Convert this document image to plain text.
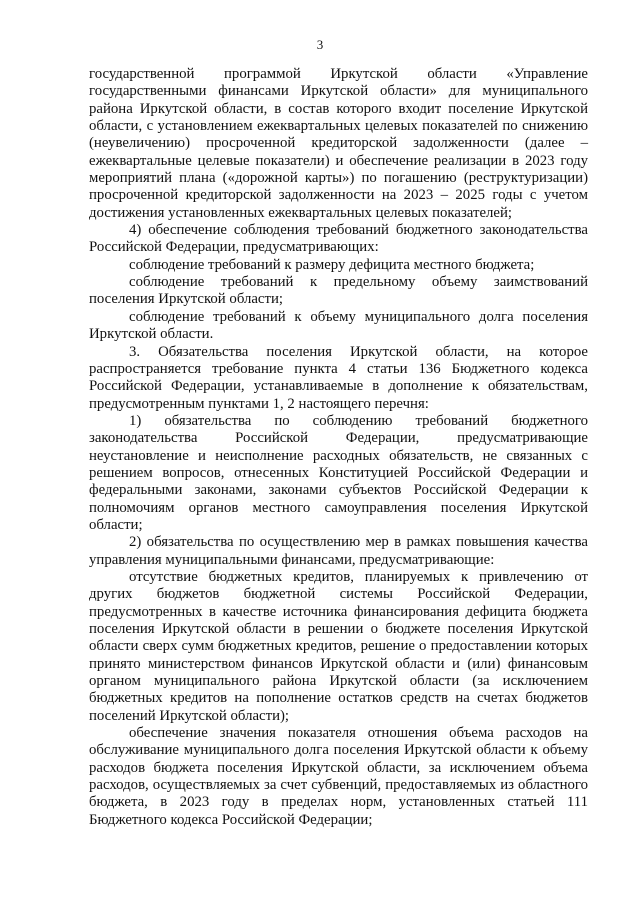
3

государственной программой Иркутской области «Управление государственными финансами Иркутской области» для муниципального района Иркутской области, в состав которого входит поселение Иркутской области, с установлением ежеквартальных целевых показателей по снижению (неувеличению) просроченной кредиторской задолженности (далее – ежеквартальные целевые показатели) и обеспечение реализации в 2023 году мероприятий плана («дорожной карты») по погашению (реструктуризации) просроченной кредиторской задолженности на 2023 – 2025 годы с учетом достижения установленных ежеквартальных целевых показателей;

4) обеспечение соблюдения требований бюджетного законодательства Российской Федерации, предусматривающих:

соблюдение требований к размеру дефицита местного бюджета;

соблюдение требований к предельному объему заимствований поселения Иркутской области;

соблюдение требований к объему муниципального долга поселения Иркутской области.

3. Обязательства поселения Иркутской области, на которое распространяется требование пункта 4 статьи 136 Бюджетного кодекса Российской Федерации, устанавливаемые в дополнение к обязательствам, предусмотренным пунктами 1, 2 настоящего перечня:

1) обязательства по соблюдению требований бюджетного законодательства Российской Федерации, предусматривающие неустановление и неисполнение расходных обязательств, не связанных с решением вопросов, отнесенных Конституцией Российской Федерации и федеральными законами, законами субъектов Российской Федерации к полномочиям органов местного самоуправления поселения Иркутской области;

2) обязательства по осуществлению мер в рамках повышения качества управления муниципальными финансами, предусматривающие:

отсутствие бюджетных кредитов, планируемых к привлечению от других бюджетов бюджетной системы Российской Федерации, предусмотренных в качестве источника финансирования дефицита бюджета поселения Иркутской области в решении о бюджете поселения Иркутской области сверх сумм бюджетных кредитов, решение о предоставлении которых принято министерством финансов Иркутской области и (или) финансовым органом муниципального района Иркутской области (за исключением бюджетных кредитов на пополнение остатков средств на счетах бюджетов поселений Иркутской области);

обеспечение значения показателя отношения объема расходов на обслуживание муниципального долга поселения Иркутской области к объему расходов бюджета поселения Иркутской области, за исключением объема расходов, осуществляемых за счет субвенций, предоставляемых из областного бюджета, в 2023 году в пределах норм, установленных статьей 111 Бюджетного кодекса Российской Федерации;
